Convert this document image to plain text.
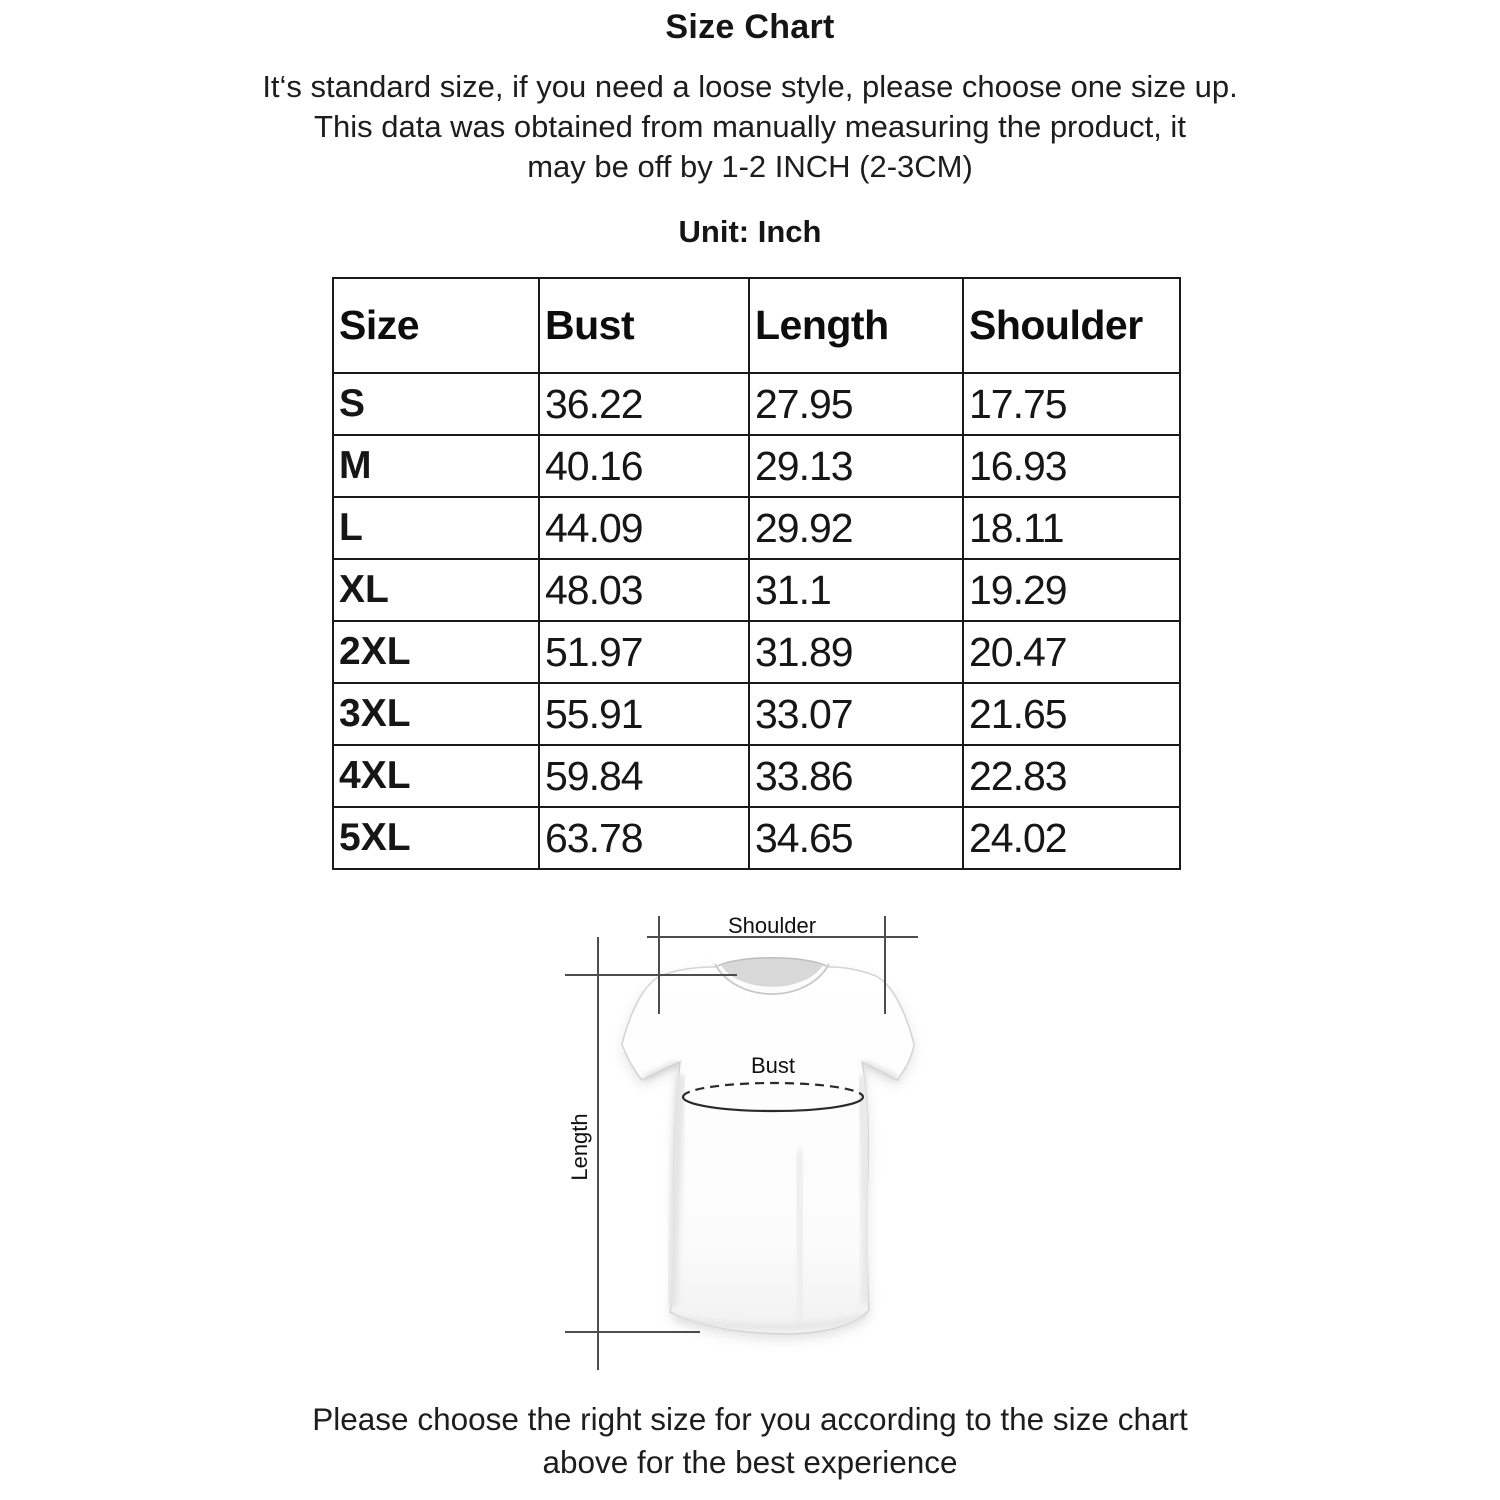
Size Chart
It‘s standard size, if you need a loose style, please choose one size up.
This data was obtained from manually measuring the product, it
may be off by 1-2 INCH (2-3CM)
Unit: Inch
Size	Bust	Length	Shoulder
S	36.22	27.95	17.75
M	40.16	29.13	16.93
L	44.09	29.92	18.11
XL	48.03	31.1	19.29
2XL	51.97	31.89	20.47
3XL	55.91	33.07	21.65
4XL	59.84	33.86	22.83
5XL	63.78	34.65	24.02
Shoulder
Bust
Length
Please choose the right size for you according to the size chart
above for the best experience
